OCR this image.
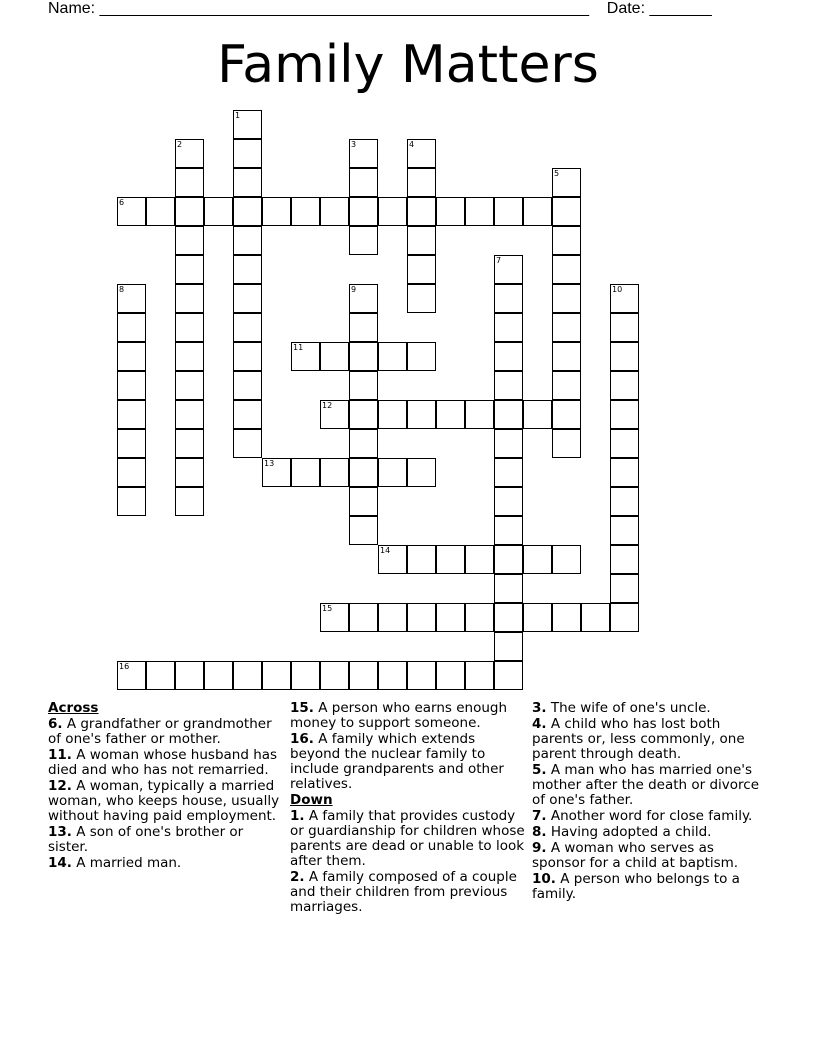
Name: _______________________________________________________ Date: _______
Family Matters
1
2	3	4
5
6
7
8	9	10
11
12
13
14
15
16
Across
6. A grandfather or grandmother of one's father or mother.
11. A woman whose husband has died and who has not remarried.
12. A woman, typically a married woman, who keeps house, usually without having paid employment.
13. A son of one's brother or sister.
14. A married man.
15. A person who earns enough money to support someone.
16. A family which extends beyond the nuclear family to include grandparents and other relatives.
Down
1. A family that provides custody or guardianship for children whose parents are dead or unable to look after them.
2. A family composed of a couple and their children from previous marriages.
3. The wife of one's uncle.
4. A child who has lost both parents or, less commonly, one parent through death.
5. A man who has married one's mother after the death or divorce of one's father.
7. Another word for close family.
8. Having adopted a child.
9. A woman who serves as sponsor for a child at baptism.
10. A person who belongs to a family.
